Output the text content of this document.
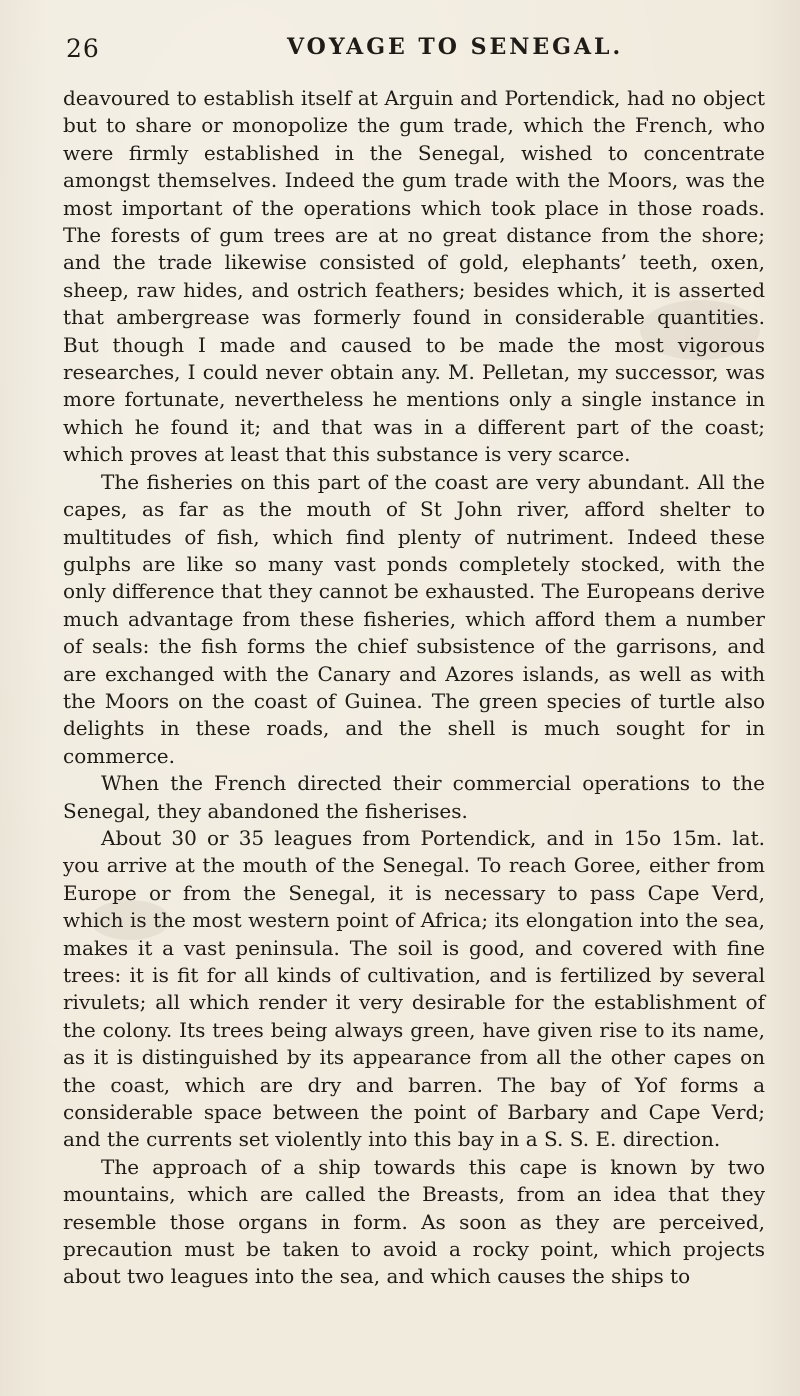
26	VOYAGE TO SENEGAL.

deavoured to establish itself at Arguin and Portendick, had no object but to share or monopolize the gum trade, which the French, who were firmly established in the Senegal, wished to concentrate amongst themselves. Indeed the gum trade with the Moors, was the most important of the operations which took place in those roads. The forests of gum trees are at no great distance from the shore; and the trade likewise consisted of gold, elephants’ teeth, oxen, sheep, raw hides, and ostrich feathers; besides which, it is asserted that ambergrease was formerly found in considerable quantities. But though I made and caused to be made the most vigorous researches, I could never obtain any. M. Pelletan, my successor, was more fortunate, nevertheless he mentions only a single instance in which he found it; and that was in a different part of the coast; which proves at least that this substance is very scarce.

The fisheries on this part of the coast are very abundant. All the capes, as far as the mouth of St John river, afford shelter to multitudes of fish, which find plenty of nutriment. Indeed these gulphs are like so many vast ponds completely stocked, with the only difference that they cannot be exhausted. The Europeans derive much advantage from these fisheries, which afford them a number of seals: the fish forms the chief subsistence of the garrisons, and are exchanged with the Canary and Azores islands, as well as with the Moors on the coast of Guinea. The green species of turtle also delights in these roads, and the shell is much sought for in commerce.

When the French directed their commercial operations to the Senegal, they abandoned the fisherises.

About 30 or 35 leagues from Portendick, and in 15o 15m. lat. you arrive at the mouth of the Senegal. To reach Goree, either from Europe or from the Senegal, it is necessary to pass Cape Verd, which is the most western point of Africa; its elongation into the sea, makes it a vast peninsula. The soil is good, and covered with fine trees: it is fit for all kinds of cultivation, and is fertilized by several rivulets; all which render it very desirable for the establishment of the colony. Its trees being always green, have given rise to its name, as it is distinguished by its appearance from all the other capes on the coast, which are dry and barren. The bay of Yof forms a considerable space between the point of Barbary and Cape Verd; and the currents set violently into this bay in a S. S. E. direction.

The approach of a ship towards this cape is known by two mountains, which are called the Breasts, from an idea that they resemble those organs in form. As soon as they are perceived, precaution must be taken to avoid a rocky point, which projects about two leagues into the sea, and which causes the ships to
